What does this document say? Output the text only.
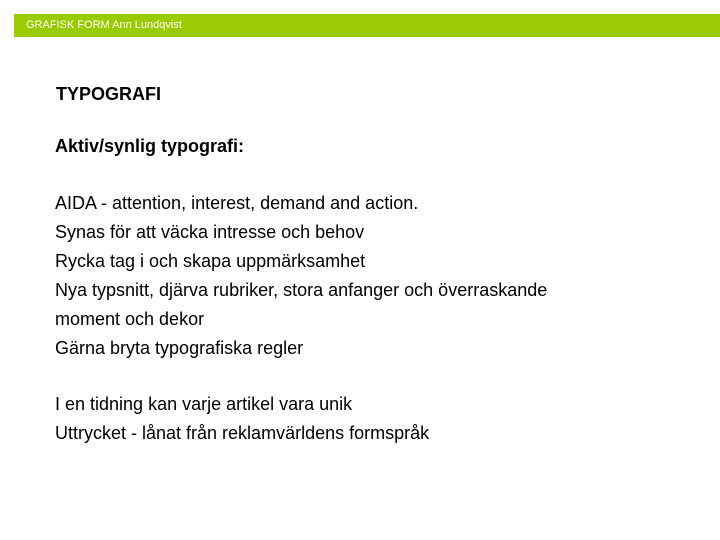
GRAFISK FORM Ann Lundqvist
TYPOGRAFI
Aktiv/synlig typografi:
AIDA - attention, interest, demand and action.
Synas för att väcka intresse och behov
Rycka tag i och skapa uppmärksamhet
Nya typsnitt, djärva rubriker, stora anfanger och överraskande
moment och dekor
Gärna bryta typografiska regler
I en tidning kan varje artikel vara unik
Uttrycket - lånat från reklamvärldens formspråk
